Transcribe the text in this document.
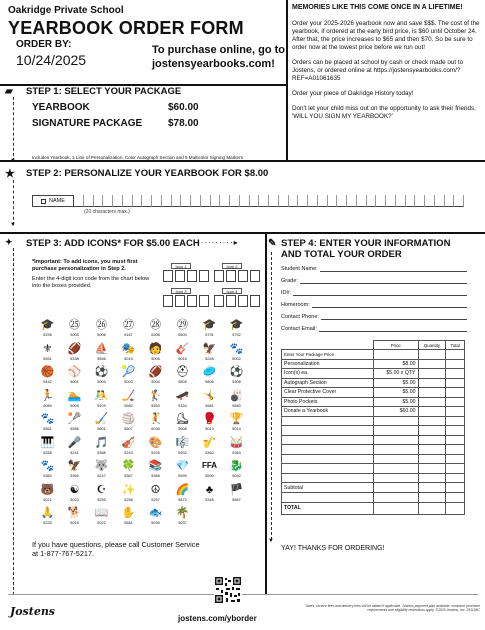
Oakridge Private School
YEARBOOK ORDER FORM
ORDER BY:
10/24/2025
To purchase online, go to jostensyearbooks.com!

MEMORIES LIKE THIS COME ONCE IN A LIFETIME!

Order your 2025-2026 yearbook now and save $$$. The cost of the yearbook, if ordered at the early bird price, is $60 until October 24. After that, the price increases to $65 and then $70. So be sure to order now at the lowest price before we run out!

Orders can be placed at school by cash or check made out to Jostens, or ordered online at https://jostensyearbooks.com/?REF=A01061635

Order your piece of Oakridge History today!

Don't let your child miss out on the opportunity to ask their friends, 'WILL YOU SIGN MY YEARBOOK?'

▰ STEP 1: SELECT YOUR PACKAGE
YEARBOOK	$60.00
SIGNATURE PACKAGE	$78.00
Includes Yearbook, 1 Line of Personalization, Color Autograph Section and 5 Multicolor Signing Markers
▼
★ STEP 2: PERSONALIZE YOUR YEARBOOK FOR $8.00
▼
NAME
(20 characters max.)
✦ STEP 3: ADD ICONS* FOR $5.00 EACH
··········▸
*Important: To add icons, you must first purchase personalization in Step 2.
Enter the 4-digit icon code from the chart below into the boxes provided.
Icon 1	Icon 2
Icon 3	Icon 4
🎓
5296
㉕
5005
㉖
5006
㉗
6167
㉘
6208
㉙
5600
🎓
5791
🎓
5792
⚜
5551
🏈
5338
⛵
5556
🎭
5015
🧑
5006
🎸
5016
🦅
5245
🐾
5002
🏀
5442
⚾
5001
⚽
5003
🎾
5003
🏈
5004
⛑
5805
🥏
5806
⚽
5308
🏃
5089
🏊
5009
🤼
5109
🏒
5582
🏌
5553
🛹
5334
🤸
5581
🎳
5580
🐾
5561
🥍
5586
🏑
5601
🏐
5607
🤾
6036
⛸
5608
🥊
5013
🏆
5014
🎹
5258
🎤
5241
🎵
5368
🎻
5243
🎨
5225
🎼
5992
🎷
5362
🥁
5363
🐾
5364
🦅
5365
🐺
5247
🍀
5367
📚
5368
💎
5599
FFA
5590
🐉
5042
🐻
5021
☯
5023
☪
5255
✨
5256
☮
5257
🌈
5872
♣
5346
🏴
5587
🙏
5233
🐕
5018
📖
5022
✋
5581
🐟
5036
🌴
5037
If you have questions, please call Customer Service at 1-877-767-5217.
✎ STEP 4: ENTER YOUR INFORMATION
AND TOTAL YOUR ORDER
▼
Student Name:
Grade:
ID#:
Homeroom:
Contact Phone:
Contact Email:
	Price	Quantity	Total
Enter Your Package Price			
Personalization	$8.00		
Icon(s) ea.	$5.00 x QTY		
Autograph Section	$5.00		
Clear Protective Cover	$5.00		
Photo Pockets	$5.00		
Donate a Yearbook	$60.00		

Subtotal			

TOTAL			
YAY! THANKS FOR ORDERING!
Jostens
jostens.com/yborder
Taxes, service fees and delivery fees will be added if applicable. Jostens payment plan available, minimum purchase requirements and eligibility restrictions apply. ©2025 Jostens, Inc. 251108C
